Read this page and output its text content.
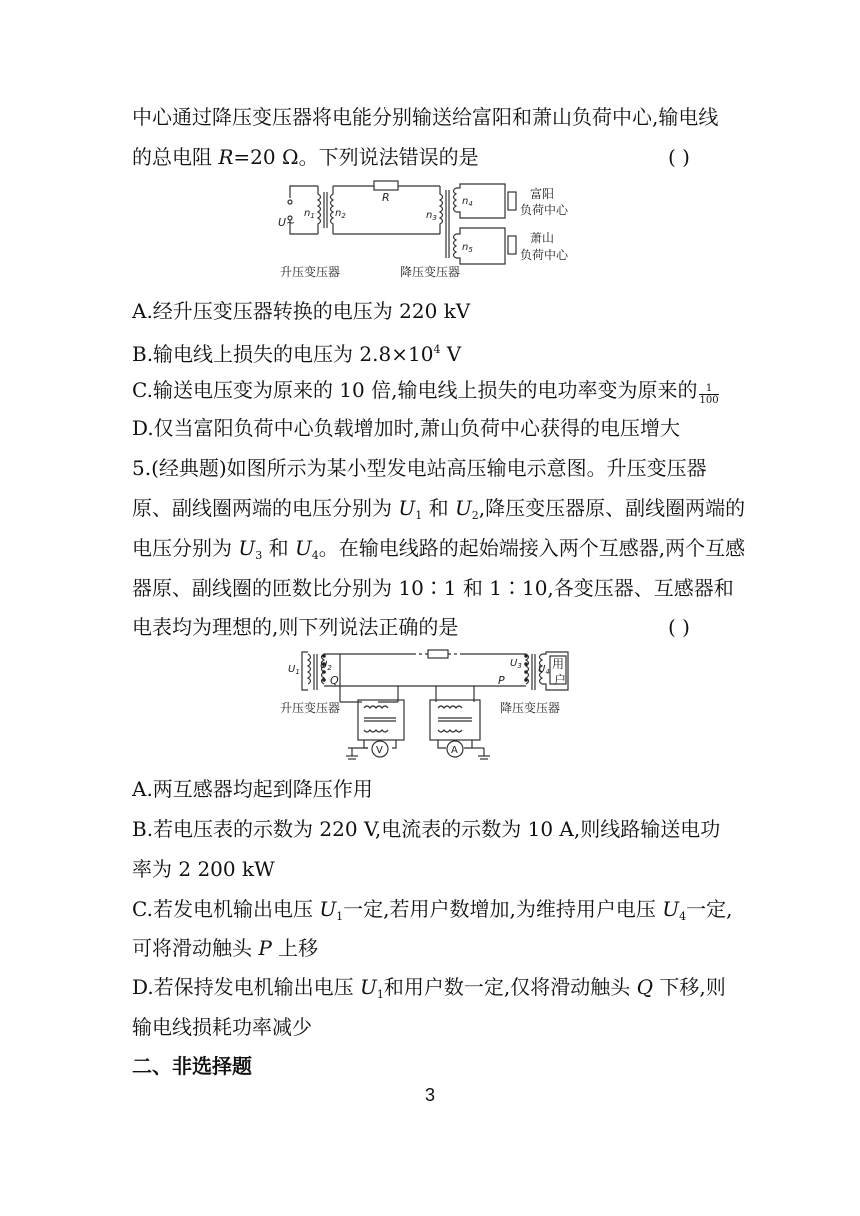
中心通过降压变压器将电能分别输送给富阳和萧山负荷中心,输电线
的总电阻 R=20 Ω。下列说法错误的是	( )
U~
$n_1$ $n_2$
R
$n_3$
$n_4$
$n_5$
富阳
负荷中心
萧山
负荷中心
升压变压器	降压变压器
A.经升压变压器转换的电压为 220 kV
B.输电线上损失的电压为 $2.8\times 10^4$ V
C.输送电压变为原来的 10 倍,输电线上损失的电功率变为原来的 $\frac{1}{100}$
D.仅当富阳负荷中心负载增加时,萧山负荷中心获得的电压增大
5.(经典题)如图所示为某小型发电站高压输电示意图。升压变压器
原、副线圈两端的电压分别为 $U_1$ 和 $U_2$,降压变压器原、副线圈两端的
电压分别为 $U_3$ 和 $U_4$。在输电线路的起始端接入两个互感器,两个互感
器原、副线圈的匝数比分别为 10∶1 和 1∶10,各变压器、互感器和
电表均为理想的,则下列说法正确的是	( )
$U_1$
$U_2$
Q
$U_3$
P
$U_4$
用
户
V	A
升压变压器	降压变压器
A.两互感器均起到降压作用
B.若电压表的示数为 220 V,电流表的示数为 10 A,则线路输送电功
率为 2 200 kW
C.若发电机输出电压 $U_1$一定,若用户数增加,为维持用户电压 $U_4$一定,
可将滑动触头 P 上移
D.若保持发电机输出电压 $U_1$和用户数一定,仅将滑动触头 Q 下移,则
输电线损耗功率减少
二、非选择题
3
